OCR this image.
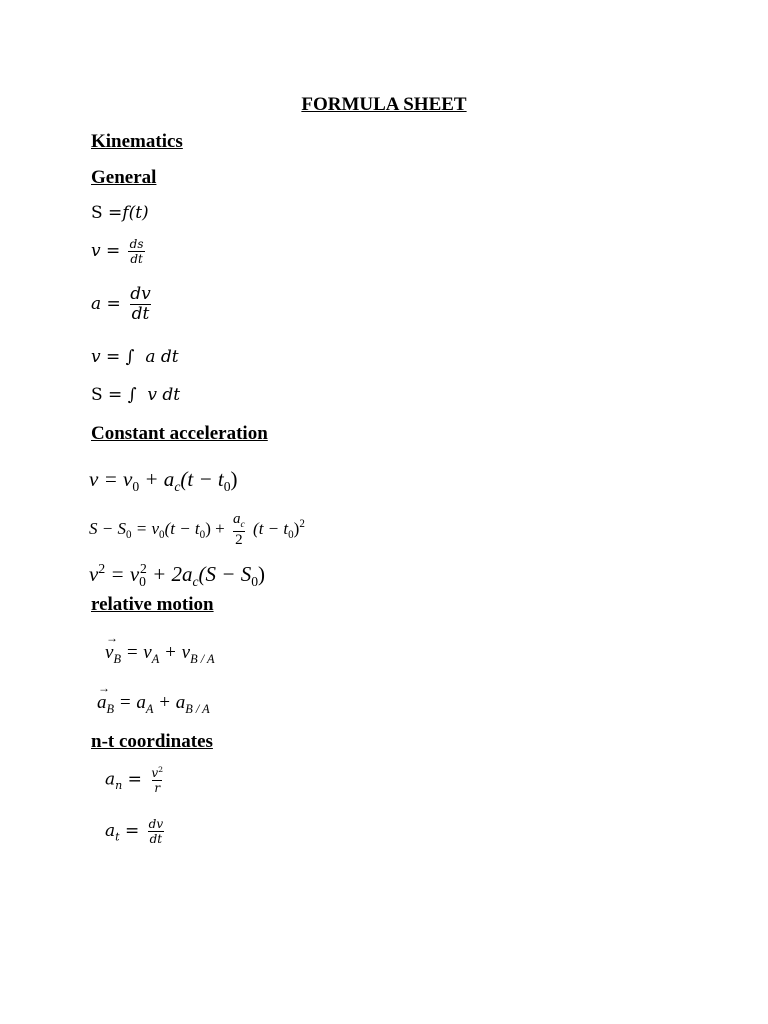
FORMULA SHEET
Kinematics
General
S =f(t)
$v = \frac{ds}{dt}$
$a = \frac{dv}{dt}$
v = ∫ a dt
S = ∫ v dt
Constant acceleration
$v = v_0 + a_c(t - t_0)$
$S - S_0 = v_0(t - t_0) + \frac{a_c}{2} (t - t_0)^2$
$v^2 = v_0^2 + 2a_c(S - S_0)$
relative motion
→ $v_B = v_A + v_{B / A}$
→ $a_B = a_A + a_{B / A}$
n-t coordinates
$a_n = \frac{v^2}{r}$
$a_t = \frac{dv}{dt}$
